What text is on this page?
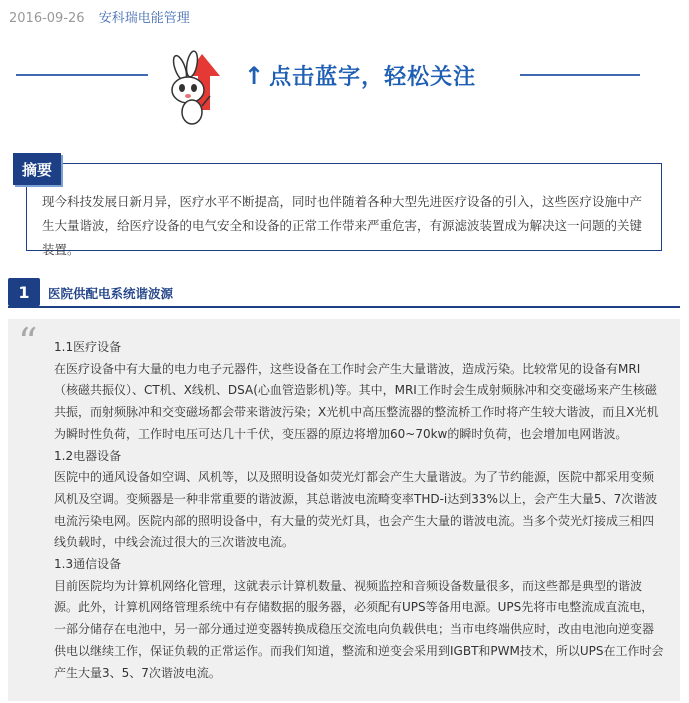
2016-09-26 安科瑞电能管理
↑ 点击蓝字，轻松关注
摘要
现今科技发展日新月异，医疗水平不断提高，同时也伴随着各种大型先进医疗设备的引入，这些医疗设施中产生大量谐波，给医疗设备的电气安全和设备的正常工作带来严重危害，有源滤波装置成为解决这一问题的关键装置。
1	医院供配电系统谐波源
“ 1.1医疗设备

在医疗设备中有大量的电力电子元器件，这些设备在工作时会产生大量谐波，造成污染。比较常见的设备有MRI（核磁共振仪）、CT机、X线机、DSA(心血管造影机)等。其中，MRI工作时会生成射频脉冲和交变磁场来产生核磁共振，而射频脉冲和交变磁场都会带来谐波污染；X光机中高压整流器的整流桥工作时将产生较大谐波，而且X光机为瞬时性负荷，工作时电压可达几十千伏，变压器的原边将增加60~70kw的瞬时负荷，也会增加电网谐波。

1.2电器设备

医院中的通风设备如空调、风机等，以及照明设备如荧光灯都会产生大量谐波。为了节约能源，医院中都采用变频风机及空调。变频器是一种非常重要的谐波源，其总谐波电流畸变率THD-i达到33%以上，会产生大量5、7次谐波电流污染电网。医院内部的照明设备中，有大量的荧光灯具，也会产生大量的谐波电流。当多个荧光灯接成三相四线负载时，中线会流过很大的三次谐波电流。

1.3通信设备

目前医院均为计算机网络化管理，这就表示计算机数量、视频监控和音频设备数量很多，而这些都是典型的谐波源。此外，计算机网络管理系统中有存储数据的服务器，必须配有UPS等备用电源。UPS先将市电整流成直流电，一部分储存在电池中，另一部分通过逆变器转换成稳压交流电向负载供电；当市电终端供应时，改由电池向逆变器供电以继续工作，保证负载的正常运作。而我们知道，整流和逆变会采用到IGBT和PWM技术，所以UPS在工作时会产生大量3、5、7次谐波电流。
